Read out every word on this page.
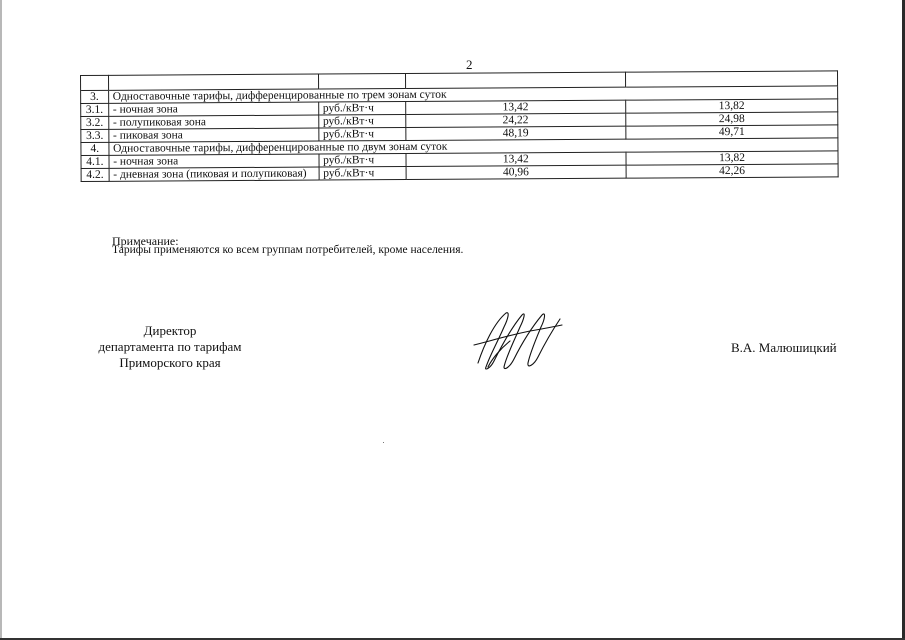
2

3.	Одноставочные тарифы, дифференцированные по трем зонам суток			
3.1.	- ночная зона	руб./кВт·ч	13,42	13,82
3.2.	- полупиковая зона	руб./кВт·ч	24,22	24,98
3.3.	- пиковая зона	руб./кВт·ч	48,19	49,71
4.	Одноставочные тарифы, дифференцированные по двум зонам суток			
4.1.	- ночная зона	руб./кВт·ч	13,42	13,82
4.2.	- дневная зона (пиковая и полупиковая)	руб./кВт·ч	40,96	42,26
Примечание:
Тарифы применяются ко всем группам потребителей, кроме населения.
Директор
департамента по тарифам
Приморского края
В.А. Малюшицкий
